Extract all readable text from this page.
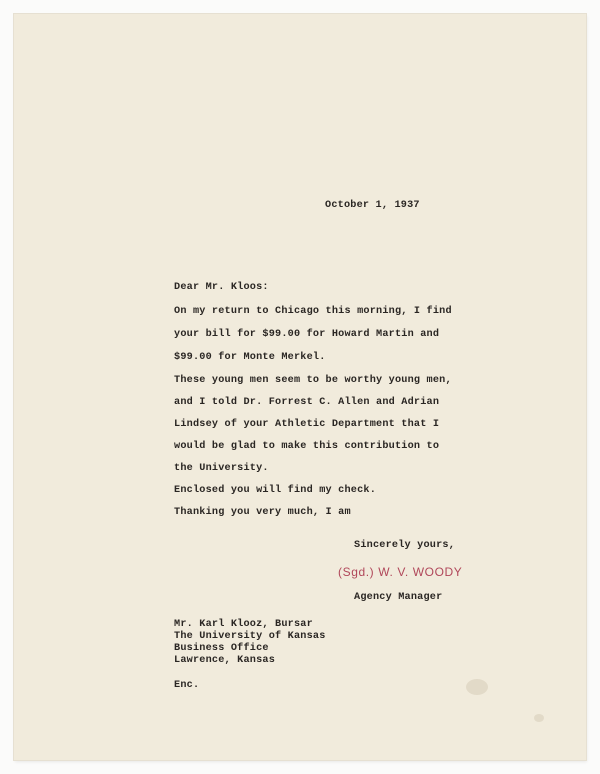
October 1, 1937
Dear Mr. Kloos:
On my return to Chicago this morning, I find
your bill for $99.00 for Howard Martin and
$99.00 for Monte Merkel.
These young men seem to be worthy young men,
and I told Dr. Forrest C. Allen and Adrian
Lindsey of your Athletic Department that I
would be glad to make this contribution to
the University.
Enclosed you will find my check.
Thanking you very much, I am
Sincerely yours,
(Sgd.) W. V. WOODY
Agency Manager
Mr. Karl Klooz, Bursar
The University of Kansas
Business Office
Lawrence, Kansas
Enc.
